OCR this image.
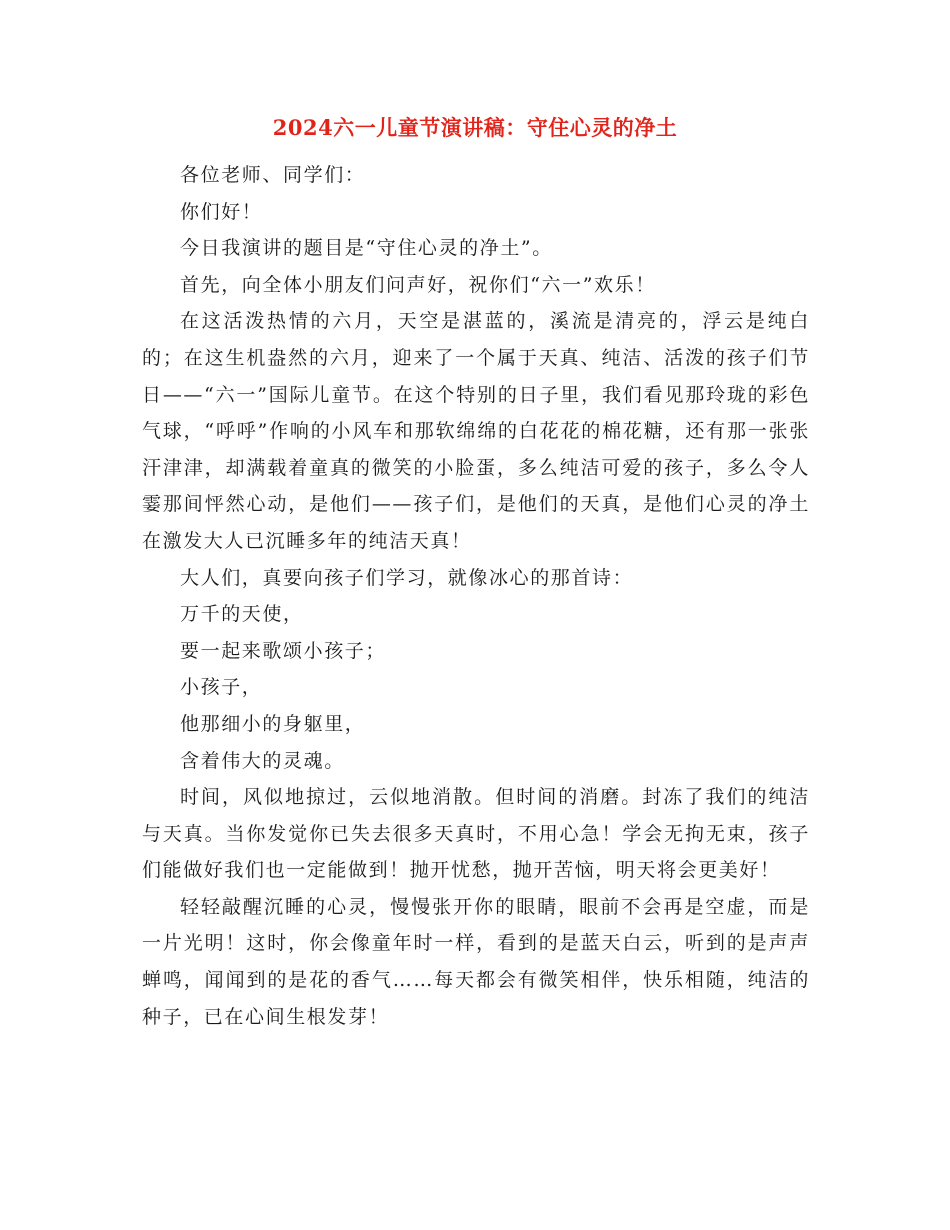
2024六一儿童节演讲稿：守住心灵的净土

各位老师、同学们：

你们好！

今日我演讲的题目是“守住心灵的净土”。

首先，向全体小朋友们问声好，祝你们“六一”欢乐！

在这活泼热情的六月，天空是湛蓝的，溪流是清亮的，浮云是纯白的；在这生机盎然的六月，迎来了一个属于天真、纯洁、活泼的孩子们节日——“六一”国际儿童节。在这个特别的日子里，我们看见那玲珑的彩色气球，“呼呼”作响的小风车和那软绵绵的白花花的棉花糖，还有那一张张汗津津，却满载着童真的微笑的小脸蛋，多么纯洁可爱的孩子，多么令人霎那间怦然心动，是他们——孩子们，是他们的天真，是他们心灵的净土在激发大人已沉睡多年的纯洁天真！

大人们，真要向孩子们学习，就像冰心的那首诗：

万千的天使，

要一起来歌颂小孩子；

小孩子，

他那细小的身躯里，

含着伟大的灵魂。

时间，风似地掠过，云似地消散。但时间的消磨。封冻了我们的纯洁与天真。当你发觉你已失去很多天真时，不用心急！学会无拘无束，孩子们能做好我们也一定能做到！抛开忧愁，抛开苦恼，明天将会更美好！

轻轻敲醒沉睡的心灵，慢慢张开你的眼睛，眼前不会再是空虚，而是一片光明！这时，你会像童年时一样，看到的是蓝天白云，听到的是声声蝉鸣，闻闻到的是花的香气……每天都会有微笑相伴，快乐相随，纯洁的种子，已在心间生根发芽！
